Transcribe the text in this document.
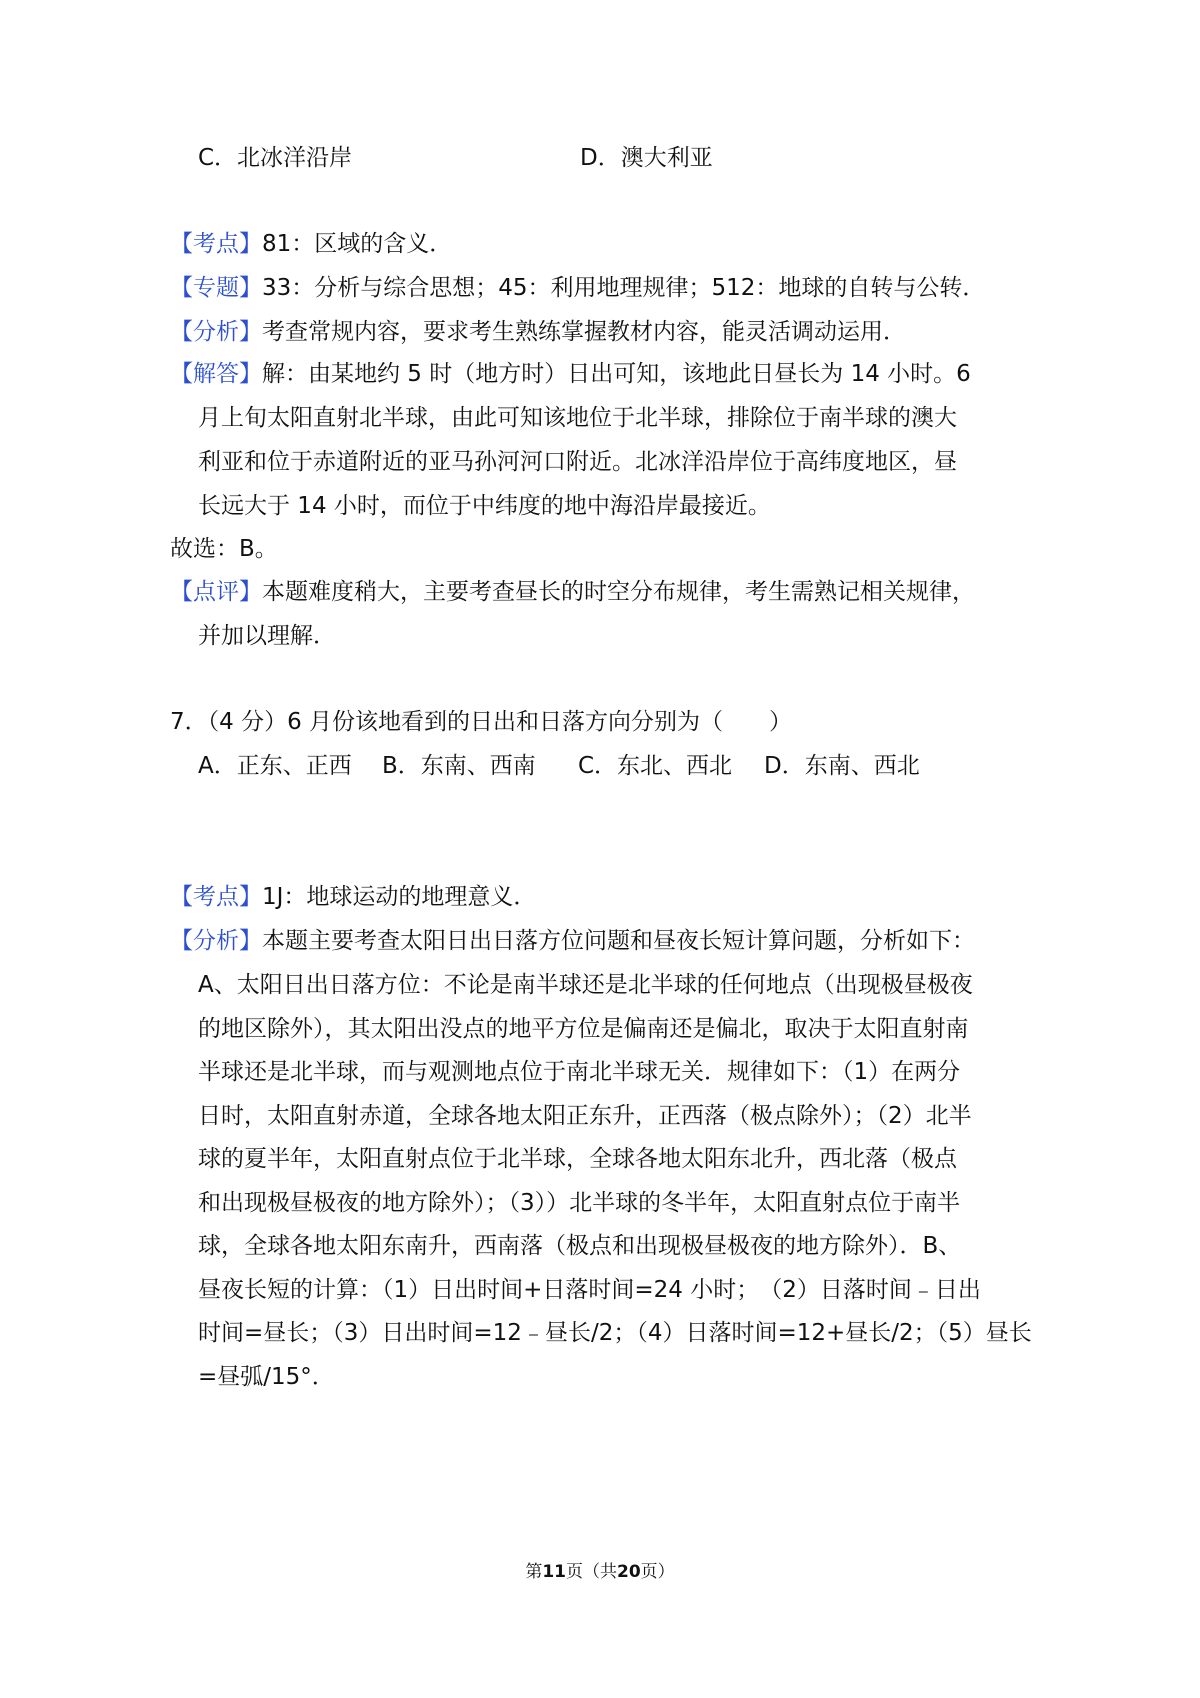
C．北冰洋沿岸	D．澳大利亚
【考点】81：区域的含义．
【专题】33：分析与综合思想；45：利用地理规律；512：地球的自转与公转．
【分析】考查常规内容，要求考生熟练掌握教材内容，能灵活调动运用．
【解答】解：由某地约 5 时（地方时）日出可知，该地此日昼长为 14 小时。6
月上旬太阳直射北半球，由此可知该地位于北半球，排除位于南半球的澳大
利亚和位于赤道附近的亚马孙河河口附近。北冰洋沿岸位于高纬度地区，昼
长远大于 14 小时，而位于中纬度的地中海沿岸最接近。
故选：B。
【点评】本题难度稍大，主要考查昼长的时空分布规律，考生需熟记相关规律，
并加以理解．
7．（4 分）6 月份该地看到的日出和日落方向分别为（　　）
A．正东、正西 B．东南、西南 C．东北、西北 D．东南、西北
【考点】1J：地球运动的地理意义．
【分析】本题主要考查太阳日出日落方位问题和昼夜长短计算问题，分析如下：
A、太阳日出日落方位：不论是南半球还是北半球的任何地点（出现极昼极夜
的地区除外），其太阳出没点的地平方位是偏南还是偏北，取决于太阳直射南
半球还是北半球，而与观测地点位于南北半球无关．规律如下：（1）在两分
日时，太阳直射赤道，全球各地太阳正东升，正西落（极点除外）；（2）北半
球的夏半年，太阳直射点位于北半球，全球各地太阳东北升，西北落（极点
和出现极昼极夜的地方除外）；（3））北半球的冬半年，太阳直射点位于南半
球，全球各地太阳东南升，西南落（极点和出现极昼极夜的地方除外）．B、
昼夜长短的计算：（1）日出时间+日落时间=24 小时；　（2）日落时间﹣日出
时间=昼长；（3）日出时间=12﹣昼长/2；（4）日落时间=12+昼长/2；（5）昼长
=昼弧/15°．
第11页（共20页）
